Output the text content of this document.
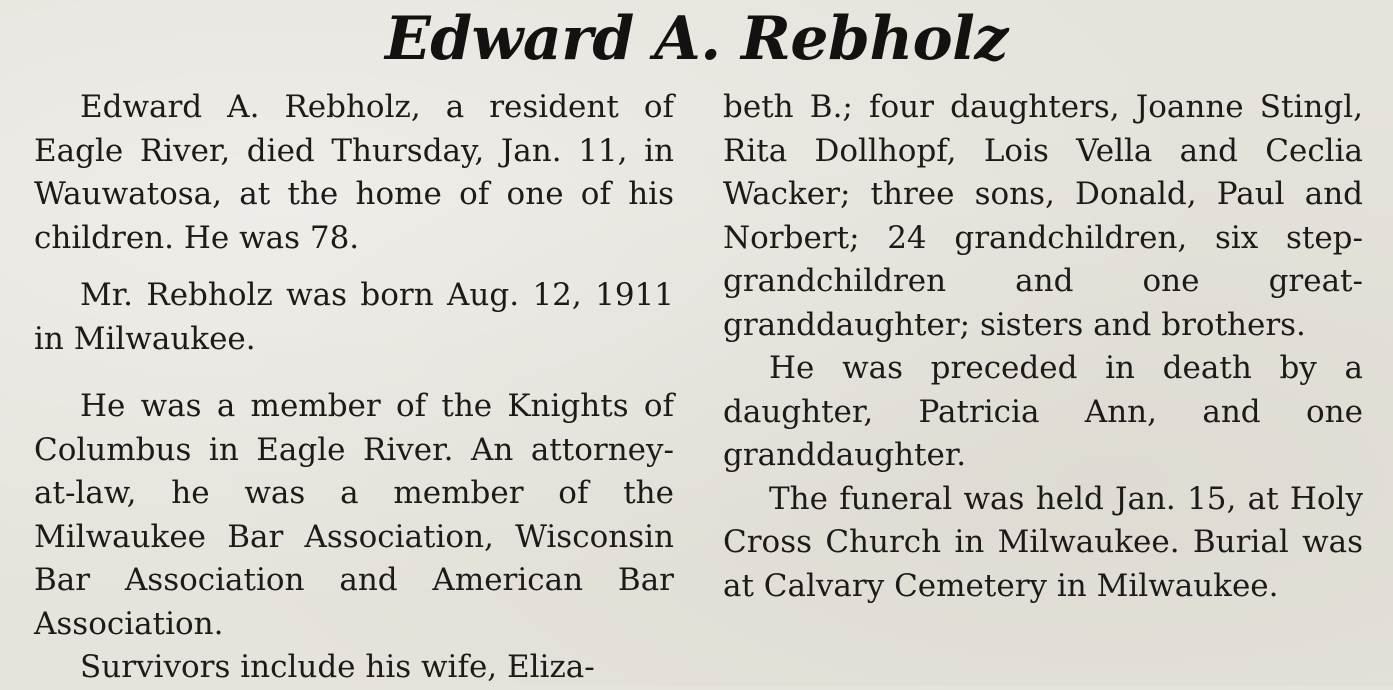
Edward A. Rebholz

Edward A. Rebholz, a resident of Eagle River, died Thursday, Jan. 11, in Wauwatosa, at the home of one of his children. He was 78.

Mr. Rebholz was born Aug. 12, 1911 in Milwaukee.

He was a member of the Knights of Columbus in Eagle River. An attorney-at-law, he was a member of the Milwaukee Bar Association, Wisconsin Bar Association and American Bar Association.

Survivors include his wife, Eliza-

beth B.; four daughters, Joanne Stingl, Rita Dollhopf, Lois Vella and Ceclia Wacker; three sons, Donald, Paul and Norbert; 24 grandchildren, six step-grandchildren and one great-granddaughter; sisters and brothers.

He was preceded in death by a daughter, Patricia Ann, and one granddaughter.

The funeral was held Jan. 15, at Holy Cross Church in Milwaukee. Burial was at Calvary Cemetery in Milwaukee.
